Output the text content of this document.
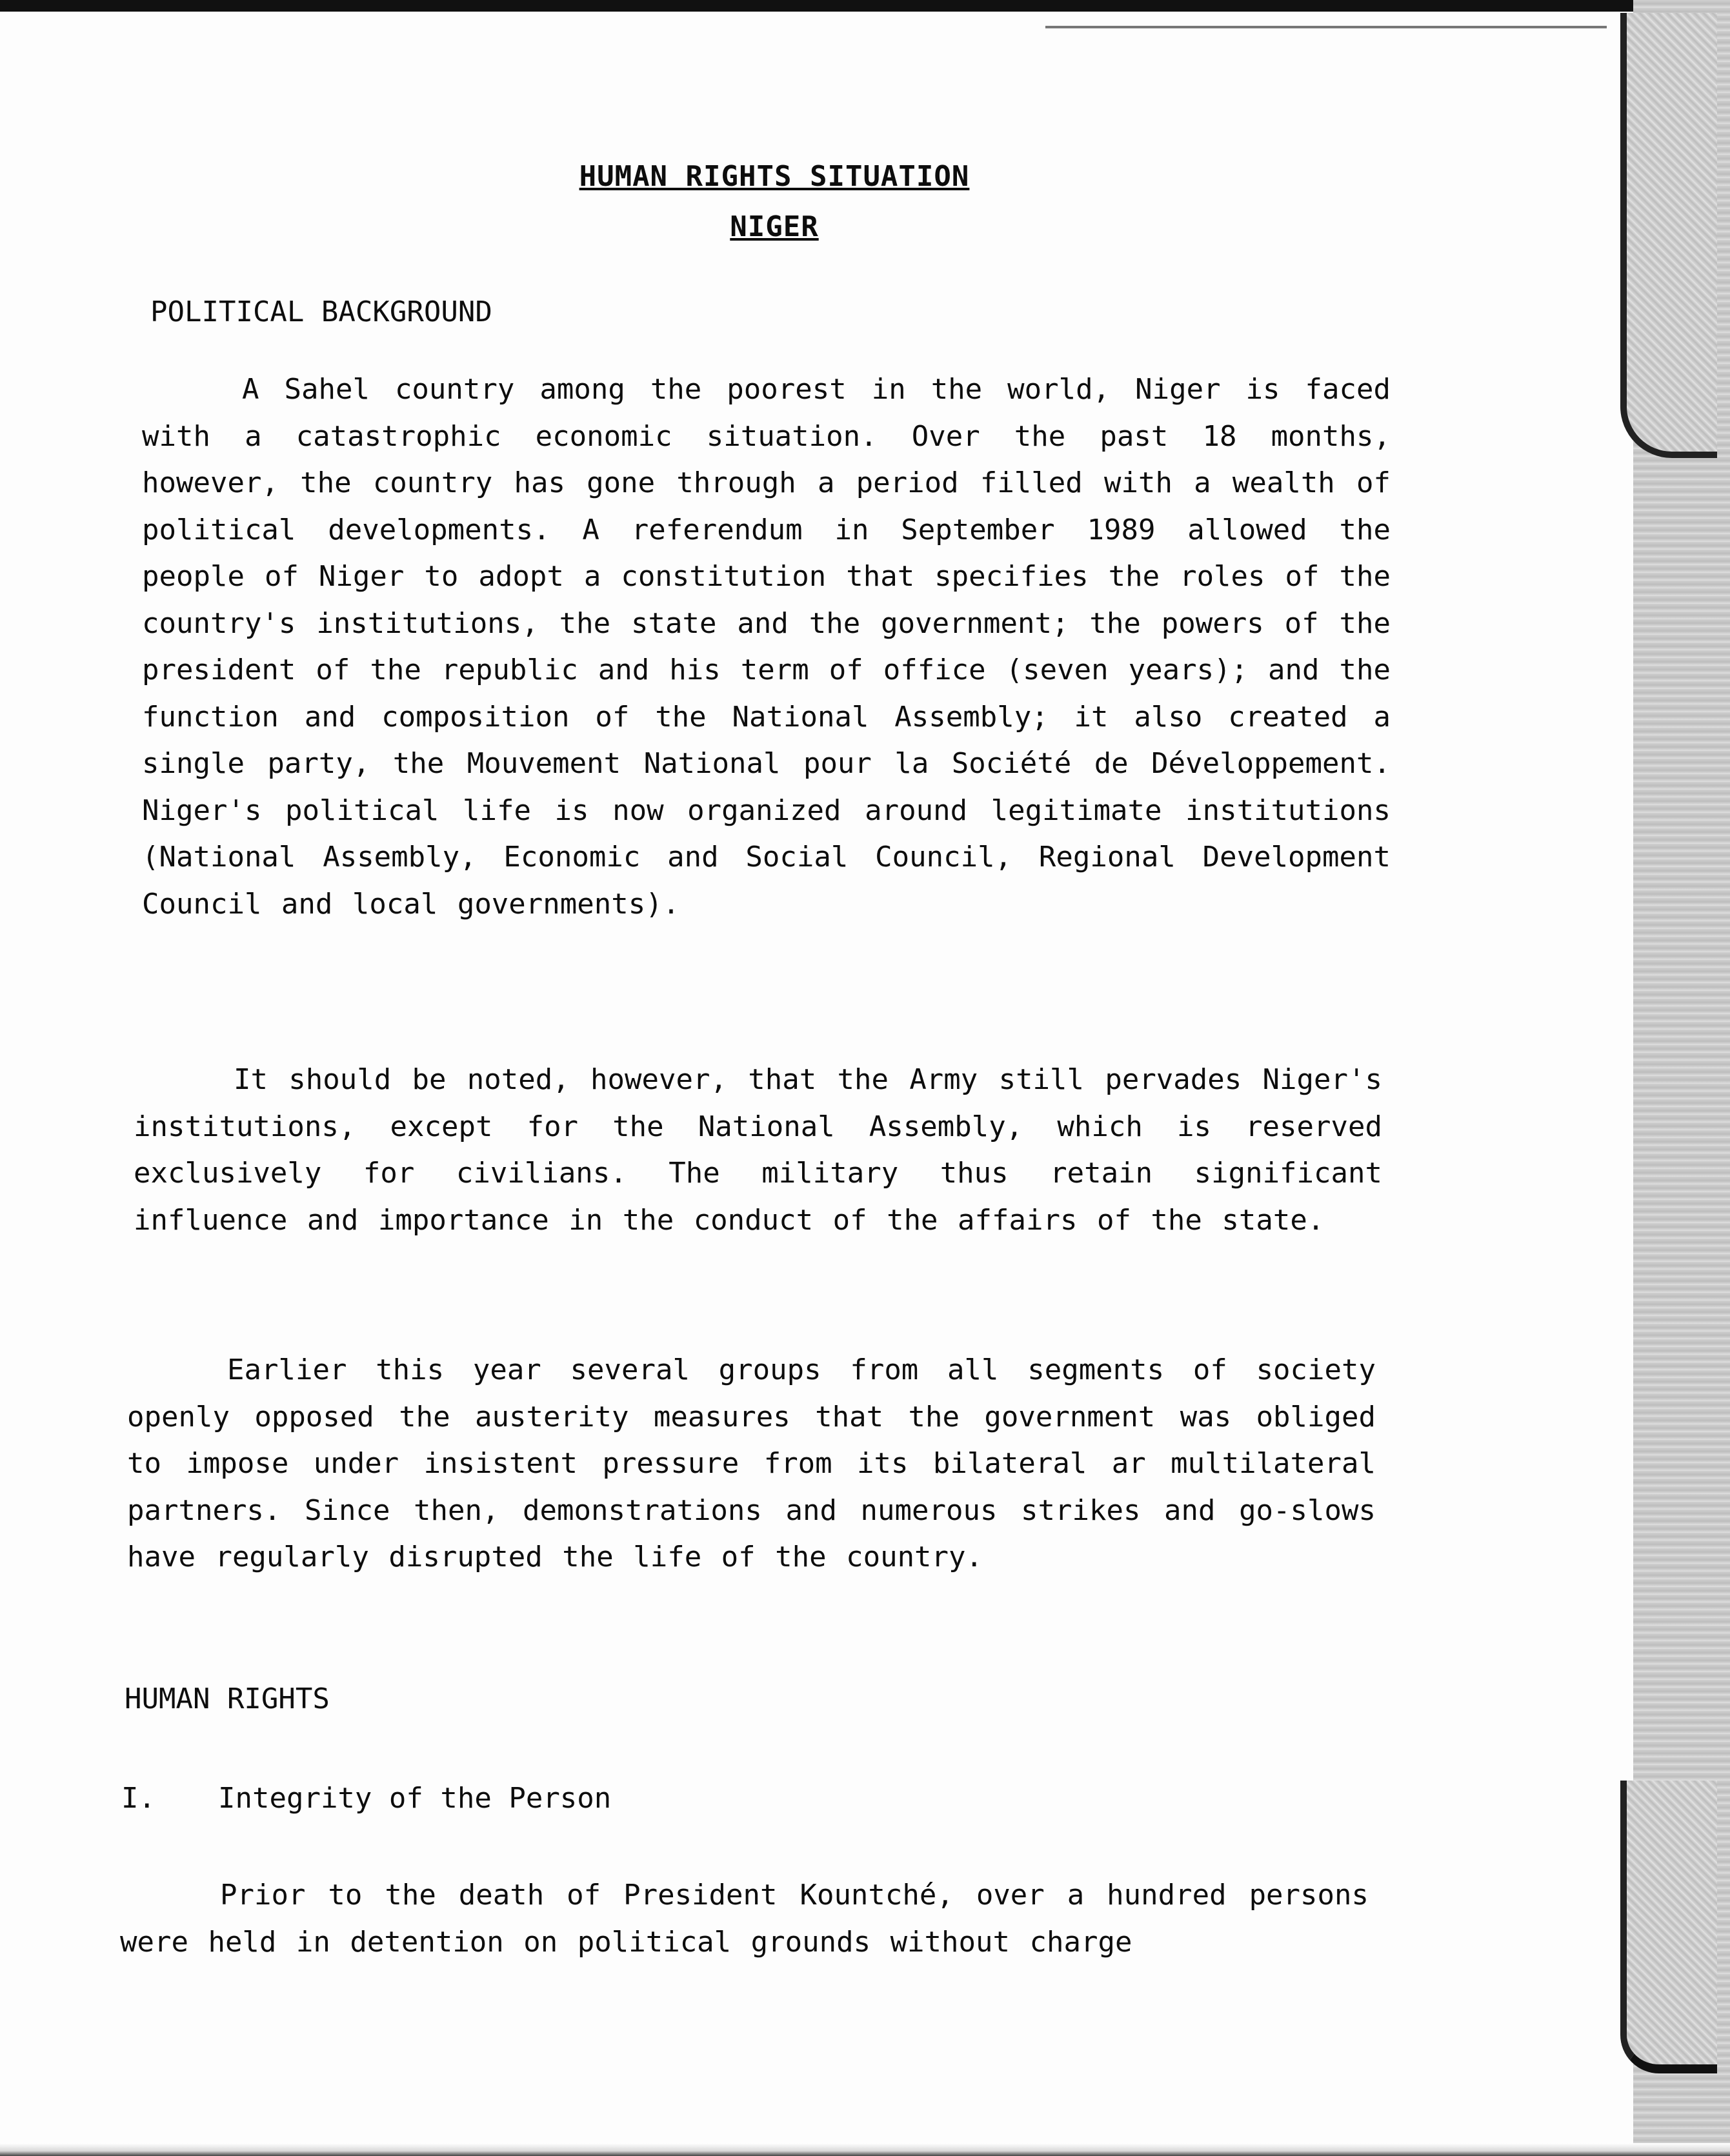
HUMAN RIGHTS SITUATION
NIGER
POLITICAL BACKGROUND

A Sahel country among the poorest in the world, Niger is faced with a catastrophic economic situation. Over the past 18 months, however, the country has gone through a period filled with a wealth of political developments. A referendum in September 1989 allowed the people of Niger to adopt a constitution that specifies the roles of the country's institutions, the state and the government; the powers of the president of the republic and his term of office (seven years); and the function and composition of the National Assembly; it also created a single party, the Mouvement National pour la Société de Développement. Niger's political life is now organized around legitimate institutions (National Assembly, Economic and Social Council, Regional Development Council and local governments).

It should be noted, however, that the Army still pervades Niger's institutions, except for the National Assembly, which is reserved exclusively for civilians. The military thus retain significant influence and importance in the conduct of the affairs of the state.

Earlier this year several groups from all segments of society openly opposed the austerity measures that the government was obliged to impose under insistent pressure from its bilateral ar multilateral partners. Since then, demonstrations and numerous strikes and go-slows have regularly disrupted the life of the country.

HUMAN RIGHTS
I. Integrity of the Person

Prior to the death of President Kountché, over a hundred persons were held in detention on political grounds without charge
